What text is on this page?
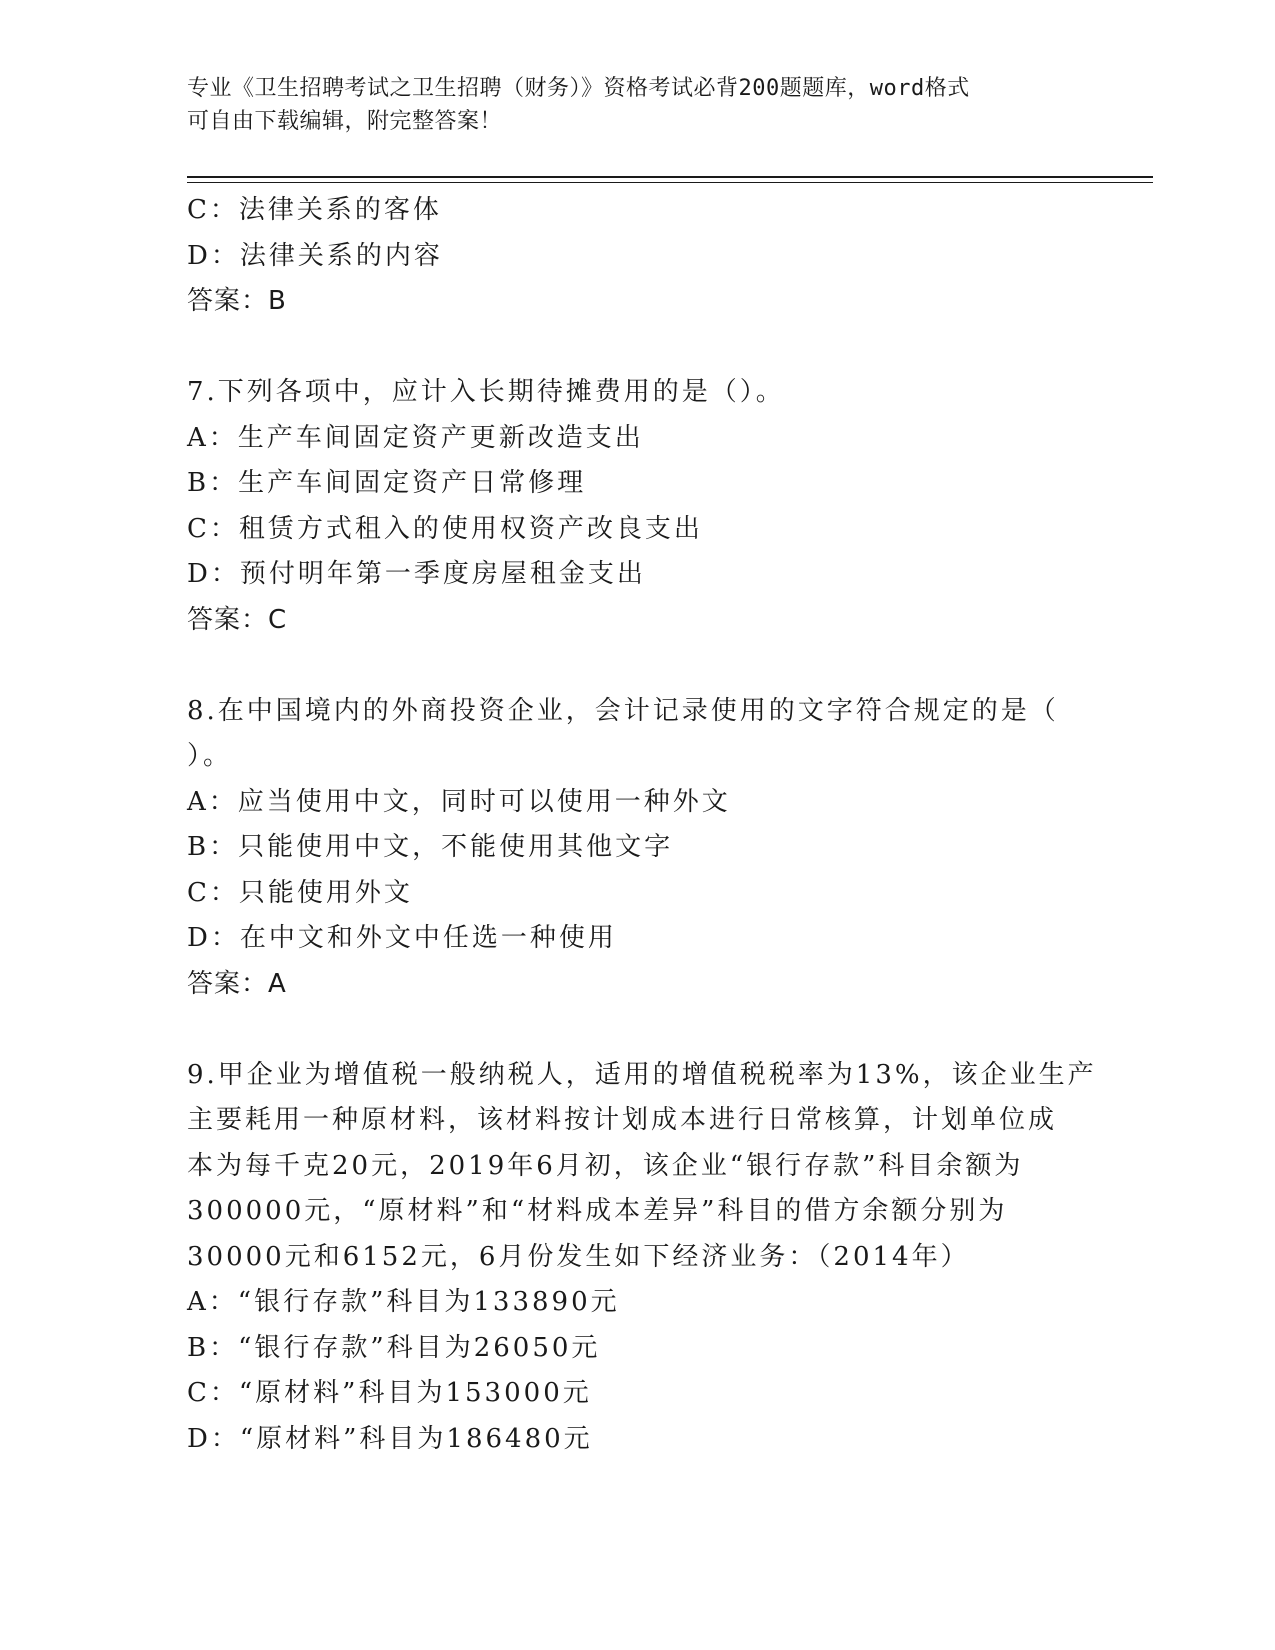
专业《卫生招聘考试之卫生招聘（财务）》资格考试必背200题题库，word格式
可自由下载编辑，附完整答案！
C：法律关系的客体
D：法律关系的内容
答案：B
7.下列各项中，应计入长期待摊费用的是（）。
A：生产车间固定资产更新改造支出
B：生产车间固定资产日常修理
C：租赁方式租入的使用权资产改良支出
D：预付明年第一季度房屋租金支出
答案：C
8.在中国境内的外商投资企业，会计记录使用的文字符合规定的是（
）。
A：应当使用中文，同时可以使用一种外文
B：只能使用中文，不能使用其他文字
C：只能使用外文
D：在中文和外文中任选一种使用
答案：A
9.甲企业为增值税一般纳税人，适用的增值税税率为13%，该企业生产
主要耗用一种原材料，该材料按计划成本进行日常核算，计划单位成
本为每千克20元，2019年6月初，该企业“银行存款”科目余额为
300000元，“原材料”和“材料成本差异”科目的借方余额分别为
30000元和6152元，6月份发生如下经济业务：（2014年）
A：“银行存款”科目为133890元
B：“银行存款”科目为26050元
C：“原材料”科目为153000元
D：“原材料”科目为186480元
